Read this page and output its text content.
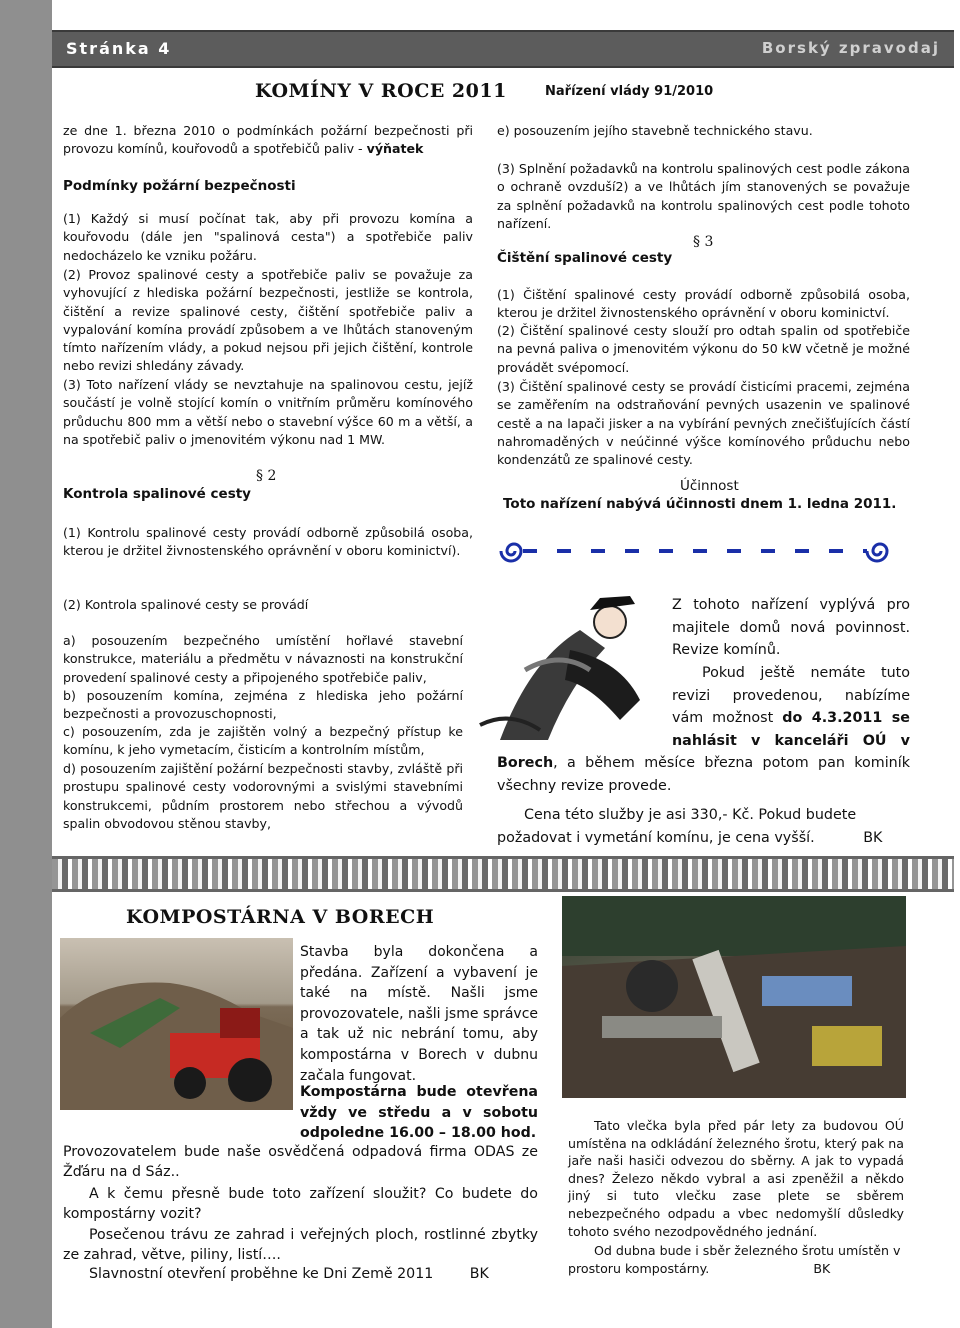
Stránka 4	Borský zpravodaj
KOMÍNY V ROCE 2011	Nařízení vlády 91/2010
ze dne 1. března 2010 o podmínkách požární bezpečnosti při provozu komínů, kouřovodů a spotřebičů paliv - výňatek
Podmínky požární bezpečnosti
(1) Každý si musí počínat tak, aby při provozu komína a kouřovodu (dále jen "spalinová cesta") a spotřebiče paliv nedocházelo ke vzniku požáru.
(2) Provoz spalinové cesty a spotřebiče paliv se považuje za vyhovující z hlediska požární bezpečnosti, jestliže se kontrola, čištění a revize spalinové cesty, čištění spotřebiče paliv a vypalování komína provádí způsobem a ve lhůtách stanoveným tímto nařízením vlády, a pokud nejsou při jejich čištění, kontrole nebo revizi shledány závady.
(3) Toto nařízení vlády se nevztahuje na spalinovou cestu, jejíž součástí je volně stojící komín o vnitřním průměru komínového průduchu 800 mm a větší nebo o stavební výšce 60 m a větší, a na spotřebič paliv o jmenovitém výkonu nad 1 MW.
§ 2
Kontrola spalinové cesty
(1) Kontrolu spalinové cesty provádí odborně způsobilá osoba, kterou je držitel živnostenského oprávnění v oboru kominictví).
(2) Kontrola spalinové cesty se provádí
a) posouzením bezpečného umístění hořlavé stavební konstrukce, materiálu a předmětu v návaznosti na konstrukční provedení spalinové cesty a připojeného spotřebiče paliv,
b) posouzením komína, zejména z hlediska jeho požární bezpečnosti a provozuschopnosti,
c) posouzením, zda je zajištěn volný a bezpečný přístup ke komínu, k jeho vymetacím, čisticím a kontrolním místům,
d) posouzením zajištění požární bezpečnosti stavby, zvláště při prostupu spalinové cesty vodorovnými a svislými stavebními konstrukcemi, půdním prostorem nebo střechou a vývodů spalin obvodovou stěnou stavby,
e) posouzením jejího stavebně technického stavu.
(3) Splnění požadavků na kontrolu spalinových cest podle zákona o ochraně ovzduší2) a ve lhůtách jím stanovených se považuje za splnění požadavků na kontrolu spalinových cest podle tohoto nařízení.
§ 3
Čištění spalinové cesty
(1) Čištění spalinové cesty provádí odborně způsobilá osoba, kterou je držitel živnostenského oprávnění v oboru kominictví.
(2) Čištění spalinové cesty slouží pro odtah spalin od spotřebiče na pevná paliva o jmenovitém výkonu do 50 kW včetně je možné provádět svépomocí.
(3) Čištění spalinové cesty se provádí čisticími pracemi, zejména se zaměřením na odstraňování pevných usazenin ve spalinové cestě a na lapači jisker a na vybírání pevných znečišťujících částí nahromaděných v neúčinné výšce komínového průduchu nebo kondenzátů ze spalinové cesty.
Účinnost
Toto nařízení nabývá účinnosti dnem 1. ledna 2011.
Z tohoto nařízení vyplývá pro majitele domů nová povinnost. Revize komínů.
Pokud ještě nemáte tuto revizi provedenou, nabízíme vám možnost do 4.3.2011 se nahlásit v kanceláři OÚ v Borech, a během měsíce března potom pan kominík všechny revize provede.
Cena této služby je asi 330,- Kč. Pokud budete požadovat i vymetání komínu, je cena vyšší.	BK
KOMPOSTÁRNA V BORECH
Stavba byla dokončena a předána. Zařízení a vybavení je také na místě. Našli jsme provozovatele, našli jsme správce a tak už nic nebrání tomu, aby kompostárna v Borech v dubnu začala fungovat.
Kompostárna bude otevřena vždy ve středu a v sobotu odpoledne 16.00 – 18.00 hod.
Provozovatelem bude naše osvědčená odpadová firma ODAS ze Žďáru na d Sáz..
A k čemu přesně bude toto zařízení sloužit? Co budete do kompostárny vozit?
Posečenou trávu ze zahrad i veřejných ploch, rostlinné zbytky ze zahrad, větve, piliny, listí….
Slavnostní otevření proběhne ke Dni Země 2011	BK
Tato vlečka byla před pár lety za budovou OÚ umístěna na odkládání železného šrotu, který pak na jaře naši hasiči odvezou do sběrny. A jak to vypadá dnes? Železo někdo vybral a asi zpeněžil a někdo jiný si tuto vlečku zase plete se sběrem nebezpečného odpadu a vbec nedomyšlí důsledky tohoto svého nezodpovědného jednání.
Od dubna bude i sběr železného šrotu umístěn v prostoru kompostárny.	BK
